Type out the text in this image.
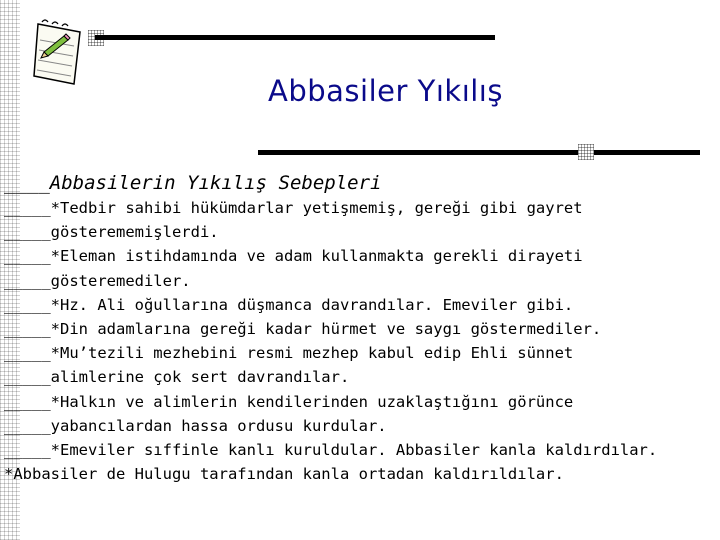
Abbasiler Yıkılış
____Abbasilerin Yıkılış Sebepleri
_____*Tedbir sahibi hükümdarlar yetişmemiş, gereği gibi gayret
_____gösterememişlerdi.
_____*Eleman istihdamında ve adam kullanmakta gerekli dirayeti
_____gösteremediler.
_____*Hz. Ali oğullarına düşmanca davrandılar. Emeviler gibi.
_____*Din adamlarına gereği kadar hürmet ve saygı göstermediler.
_____*Mu’tezili mezhebini resmi mezhep kabul edip Ehli sünnet
_____alimlerine çok sert davrandılar.
_____*Halkın ve alimlerin kendilerinden uzaklaştığını görünce
_____yabancılardan hassa ordusu kurdular.
_____*Emeviler sıffinle kanlı kuruldular. Abbasiler kanla kaldırdılar.
*Abbasiler de Hulugu tarafından kanla ortadan kaldırıldılar.
